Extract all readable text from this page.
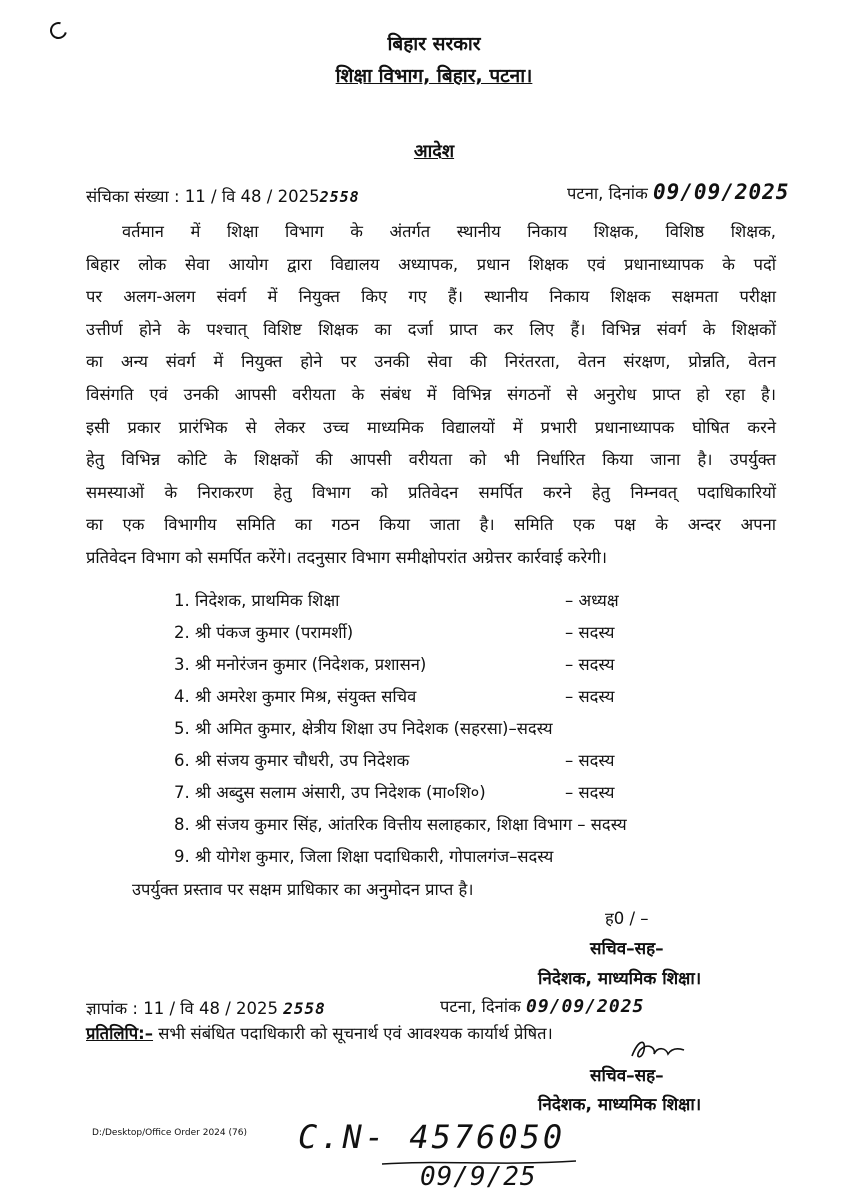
बिहार सरकार
शिक्षा विभाग, बिहार, पटना।
आदेश
संचिका संख्या : 11 / वि 48 / 20252558	पटना, दिनांक 09/09/2025
वर्तमान में शिक्षा विभाग के अंतर्गत स्थानीय निकाय शिक्षक, विशिष्ठ शिक्षक,
बिहार लोक सेवा आयोग द्वारा विद्यालय अध्यापक, प्रधान शिक्षक एवं प्रधानाध्यापक के पदों
पर अलग-अलग संवर्ग में नियुक्त किए गए हैं। स्थानीय निकाय शिक्षक सक्षमता परीक्षा
उत्तीर्ण होने के पश्चात् विशिष्ट शिक्षक का दर्जा प्राप्त कर लिए हैं। विभिन्न संवर्ग के शिक्षकों
का अन्य संवर्ग में नियुक्त होने पर उनकी सेवा की निरंतरता, वेतन संरक्षण, प्रोन्नति, वेतन
विसंगति एवं उनकी आपसी वरीयता के संबंध में विभिन्न संगठनों से अनुरोध प्राप्त हो रहा है।
इसी प्रकार प्रारंभिक से लेकर उच्च माध्यमिक विद्यालयों में प्रभारी प्रधानाध्यापक घोषित करने
हेतु विभिन्न कोटि के शिक्षकों की आपसी वरीयता को भी निर्धारित किया जाना है। उपर्युक्त
समस्याओं के निराकरण हेतु विभाग को प्रतिवेदन समर्पित करने हेतु निम्नवत् पदाधिकारियों
का एक विभागीय समिति का गठन किया जाता है। समिति एक पक्ष के अन्दर अपना
प्रतिवेदन विभाग को समर्पित करेंगे। तदनुसार विभाग समीक्षोपरांत अग्रेत्तर कार्रवाई करेगी।
1. निदेशक, प्राथमिक शिक्षा	– अध्यक्ष
2. श्री पंकज कुमार (परामर्शी)	– सदस्य
3. श्री मनोरंजन कुमार (निदेशक, प्रशासन)	– सदस्य
4. श्री अमरेश कुमार मिश्र, संयुक्त सचिव	– सदस्य
5. श्री अमित कुमार, क्षेत्रीय शिक्षा उप निदेशक (सहरसा)–सदस्य
6. श्री संजय कुमार चौधरी, उप निदेशक	– सदस्य
7. श्री अब्दुस सलाम अंसारी, उप निदेशक (मा०शि०)	– सदस्य
8. श्री संजय कुमार सिंह, आंतरिक वित्तीय सलाहकार, शिक्षा विभाग – सदस्य
9. श्री योगेश कुमार, जिला शिक्षा पदाधिकारी, गोपालगंज–सदस्य
उपर्युक्त प्रस्ताव पर सक्षम प्राधिकार का अनुमोदन प्राप्त है।
ह0 / –
सचिव–सह–
निदेशक, माध्यमिक शिक्षा।
ज्ञापांक : 11 / वि 48 / 2025 2558	पटना, दिनांक 09/09/2025
प्रतिलिपि:– सभी संबंधित पदाधिकारी को सूचनार्थ एवं आवश्यक कार्यार्थ प्रेषित।
सचिव–सह–
निदेशक, माध्यमिक शिक्षा।
D:/Desktop/Office Order 2024 (76) C.N- 4576050
09/9/25
